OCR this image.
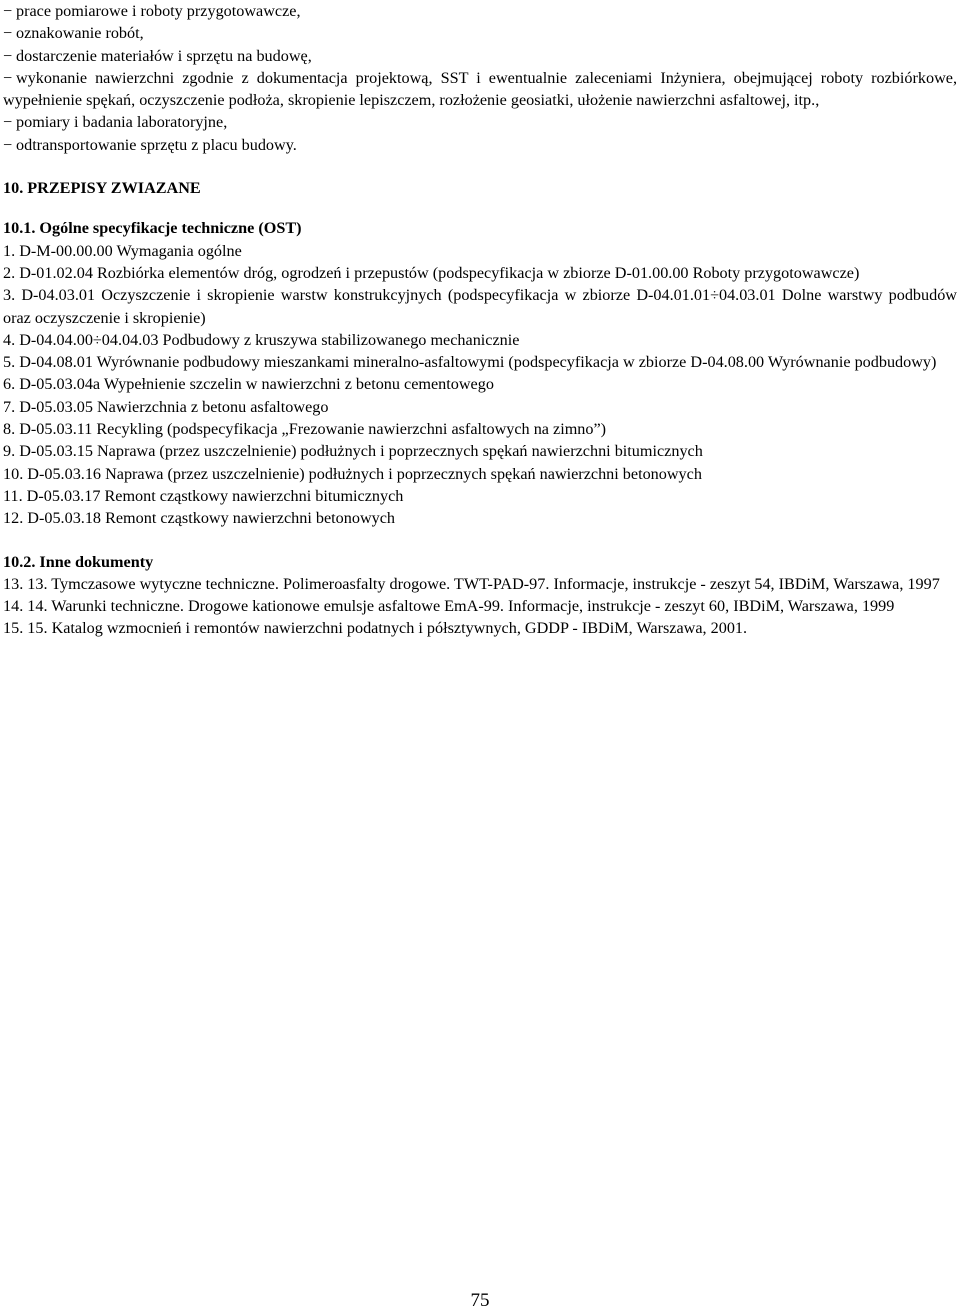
− prace pomiarowe i roboty przygotowawcze,
− oznakowanie robót,
− dostarczenie materiałów i sprzętu na budowę,
− wykonanie nawierzchni zgodnie z dokumentacja projektową, SST i ewentualnie zaleceniami Inżyniera, obejmującej roboty rozbiórkowe, wypełnienie spękań, oczyszczenie podłoża, skropienie lepiszczem, rozłożenie geosiatki, ułożenie nawierzchni asfaltowej, itp.,
− pomiary i badania laboratoryjne,
− odtransportowanie sprzętu z placu budowy.

10. PRZEPISY ZWIAZANE

10.1. Ogólne specyfikacje techniczne (OST)

1. D-M-00.00.00 Wymagania ogólne

2. D-01.02.04 Rozbiórka elementów dróg, ogrodzeń i przepustów (podspecyfikacja w zbiorze D-01.00.00 Roboty przygotowawcze)

3. D-04.03.01 Oczyszczenie i skropienie warstw konstrukcyjnych (podspecyfikacja w zbiorze D-04.01.01÷04.03.01 Dolne warstwy podbudów oraz oczyszczenie i skropienie)

4. D-04.04.00÷04.04.03 Podbudowy z kruszywa stabilizowanego mechanicznie

5. D-04.08.01 Wyrównanie podbudowy mieszankami mineralno-asfaltowymi (podspecyfikacja w zbiorze D-04.08.00 Wyrównanie podbudowy)

6. D-05.03.04a Wypełnienie szczelin w nawierzchni z betonu cementowego

7. D-05.03.05 Nawierzchnia z betonu asfaltowego

8. D-05.03.11 Recykling (podspecyfikacja „Frezowanie nawierzchni asfaltowych na zimno”)

9. D-05.03.15 Naprawa (przez uszczelnienie) podłużnych i poprzecznych spękań nawierzchni bitumicznych

10. D-05.03.16 Naprawa (przez uszczelnienie) podłużnych i poprzecznych spękań nawierzchni betonowych

11. D-05.03.17 Remont cząstkowy nawierzchni bitumicznych

12. D-05.03.18 Remont cząstkowy nawierzchni betonowych

10.2. Inne dokumenty

13. 13. Tymczasowe wytyczne techniczne. Polimeroasfalty drogowe. TWT-PAD-97. Informacje, instrukcje - zeszyt 54, IBDiM, Warszawa, 1997

14. 14. Warunki techniczne. Drogowe kationowe emulsje asfaltowe EmA-99. Informacje, instrukcje - zeszyt 60, IBDiM, Warszawa, 1999

15. 15. Katalog wzmocnień i remontów nawierzchni podatnych i półsztywnych, GDDP - IBDiM, Warszawa, 2001.

75
